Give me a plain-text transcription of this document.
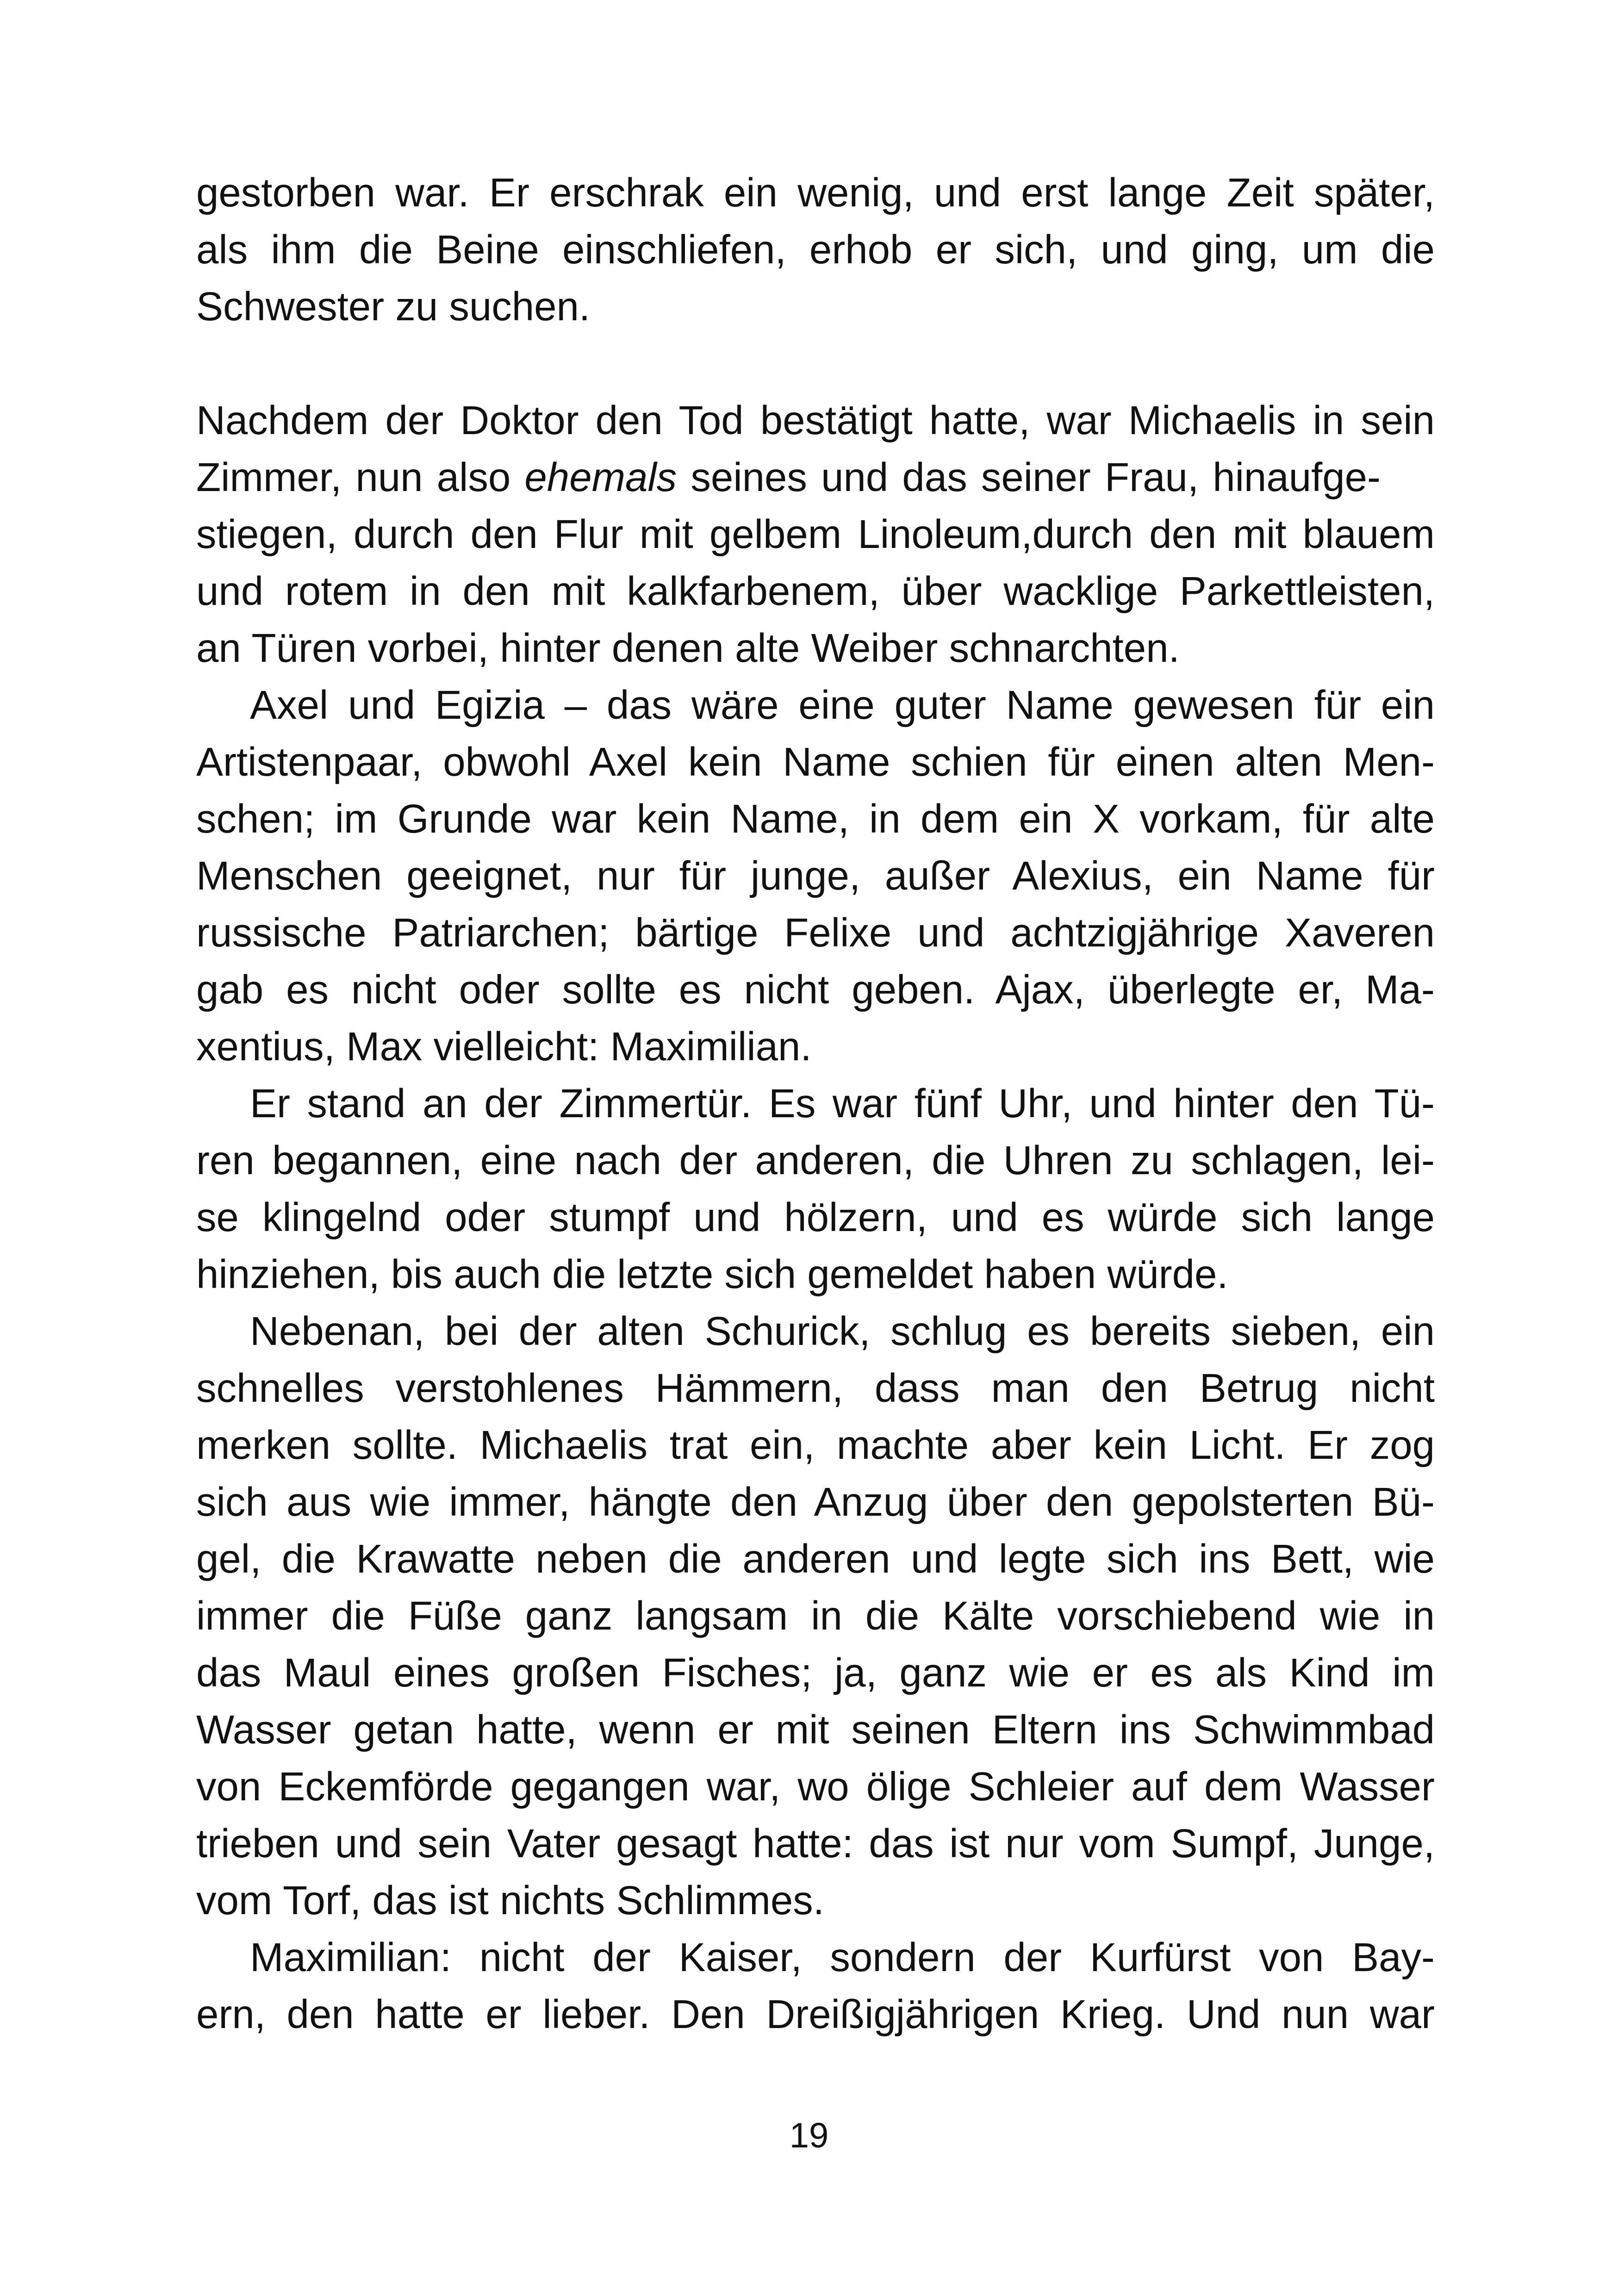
gestorben war. Er erschrak ein wenig, und erst lange Zeit später,
als ihm die Beine einschliefen, erhob er sich, und ging, um die
Schwester zu suchen.
Nachdem der Doktor den Tod bestätigt hatte, war Michaelis in sein
Zimmer, nun also ehemals seines und das seiner Frau, hinaufge-
stiegen, durch den Flur mit gelbem Linoleum,durch den mit blauem
und rotem in den mit kalkfarbenem, über wacklige Parkettleisten,
an Türen vorbei, hinter denen alte Weiber schnarchten.
Axel und Egizia – das wäre eine guter Name gewesen für ein
Artistenpaar, obwohl Axel kein Name schien für einen alten Men-
schen; im Grunde war kein Name, in dem ein X vorkam, für alte
Menschen geeignet, nur für junge, außer Alexius, ein Name für
russische Patriarchen; bärtige Felixe und achtzigjährige Xaveren
gab es nicht oder sollte es nicht geben. Ajax, überlegte er, Ma-
xentius, Max vielleicht: Maximilian.
Er stand an der Zimmertür. Es war fünf Uhr, und hinter den Tü-
ren begannen, eine nach der anderen, die Uhren zu schlagen, lei-
se klingelnd oder stumpf und hölzern, und es würde sich lange
hinziehen, bis auch die letzte sich gemeldet haben würde.
Nebenan, bei der alten Schurick, schlug es bereits sieben, ein
schnelles verstohlenes Hämmern, dass man den Betrug nicht
merken sollte. Michaelis trat ein, machte aber kein Licht. Er zog
sich aus wie immer, hängte den Anzug über den gepolsterten Bü-
gel, die Krawatte neben die anderen und legte sich ins Bett, wie
immer die Füße ganz langsam in die Kälte vorschiebend wie in
das Maul eines großen Fisches; ja, ganz wie er es als Kind im
Wasser getan hatte, wenn er mit seinen Eltern ins Schwimmbad
von Eckemförde gegangen war, wo ölige Schleier auf dem Wasser
trieben und sein Vater gesagt hatte: das ist nur vom Sumpf, Junge,
vom Torf, das ist nichts Schlimmes.
Maximilian: nicht der Kaiser, sondern der Kurfürst von Bay-
ern, den hatte er lieber. Den Dreißigjährigen Krieg. Und nun war
19
